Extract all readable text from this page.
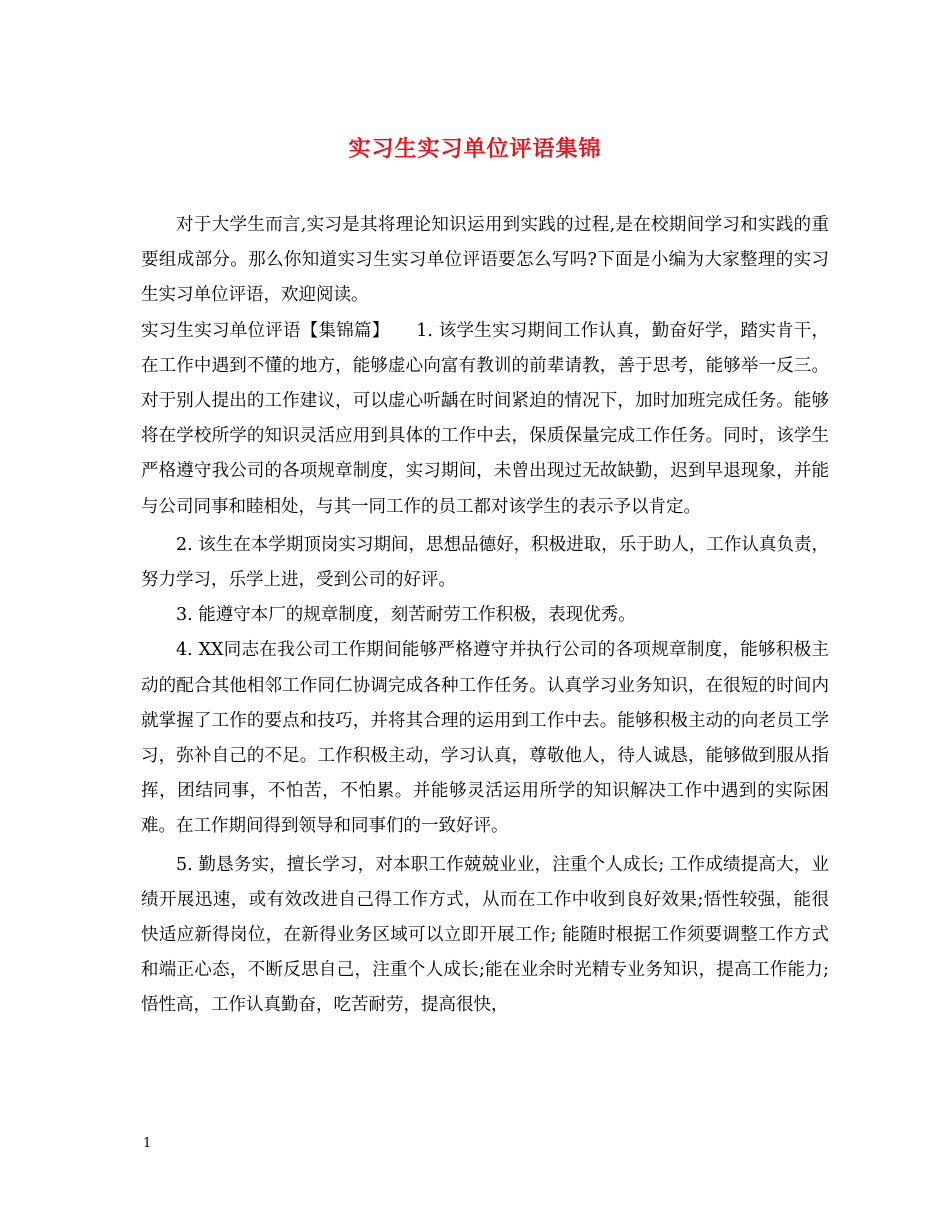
实习生实习单位评语集锦

对于大学生而言,实习是其将理论知识运用到实践的过程,是在校期间学习和实践的重要组成部分。那么你知道实习生实习单位评语要怎么写吗?下面是小编为大家整理的实习生实习单位评语，欢迎阅读。

实习生实习单位评语【集锦篇】　　1. 该学生实习期间工作认真，勤奋好学，踏实肯干，在工作中遇到不懂的地方，能够虚心向富有教训的前辈请教，善于思考，能够举一反三。对于别人提出的工作建议，可以虚心听龋在时间紧迫的情况下，加时加班完成任务。能够将在学校所学的知识灵活应用到具体的工作中去，保质保量完成工作任务。同时，该学生严格遵守我公司的各项规章制度，实习期间，未曾出现过无故缺勤，迟到早退现象，并能与公司同事和睦相处，与其一同工作的员工都对该学生的表示予以肯定。

2. 该生在本学期顶岗实习期间，思想品德好，积极进取，乐于助人，工作认真负责，努力学习，乐学上进，受到公司的好评。

3. 能遵守本厂的规章制度，刻苦耐劳工作积极，表现优秀。

4. XX同志在我公司工作期间能够严格遵守并执行公司的各项规章制度，能够积极主动的配合其他相邻工作同仁协调完成各种工作任务。认真学习业务知识，在很短的时间内就掌握了工作的要点和技巧，并将其合理的运用到工作中去。能够积极主动的向老员工学习，弥补自己的不足。工作积极主动，学习认真，尊敬他人，待人诚恳，能够做到服从指挥，团结同事，不怕苦，不怕累。并能够灵活运用所学的知识解决工作中遇到的实际困难。在工作期间得到领导和同事们的一致好评。

5. 勤恳务实，擅长学习，对本职工作兢兢业业，注重个人成长; 工作成绩提高大，业绩开展迅速，或有效改进自己得工作方式，从而在工作中收到良好效果;悟性较强，能很快适应新得岗位，在新得业务区域可以立即开展工作; 能随时根据工作须要调整工作方式和端正心态，不断反思自己，注重个人成长;能在业余时光精专业务知识，提高工作能力;悟性高，工作认真勤奋，吃苦耐劳，提高很快，

1
